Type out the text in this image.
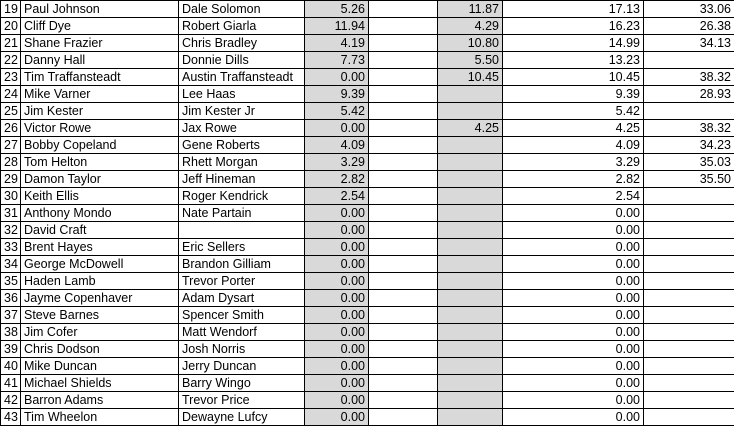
19	Paul Johnson	Dale Solomon	5.26		11.87	17.13	33.06
20	Cliff Dye	Robert Giarla	11.94		4.29	16.23	26.38
21	Shane Frazier	Chris Bradley	4.19		10.80	14.99	34.13
22	Danny Hall	Donnie Dills	7.73		5.50	13.23	
23	Tim Traffansteadt	Austin Traffansteadt	0.00		10.45	10.45	38.32
24	Mike Varner	Lee Haas	9.39			9.39	28.93
25	Jim Kester	Jim Kester Jr	5.42			5.42	
26	Victor Rowe	Jax Rowe	0.00		4.25	4.25	38.32
27	Bobby Copeland	Gene Roberts	4.09			4.09	34.23
28	Tom Helton	Rhett Morgan	3.29			3.29	35.03
29	Damon Taylor	Jeff Hineman	2.82			2.82	35.50
30	Keith Ellis	Roger Kendrick	2.54			2.54	
31	Anthony Mondo	Nate Partain	0.00			0.00	
32	David Craft		0.00			0.00	
33	Brent Hayes	Eric Sellers	0.00			0.00	
34	George McDowell	Brandon Gilliam	0.00			0.00	
35	Haden Lamb	Trevor Porter	0.00			0.00	
36	Jayme Copenhaver	Adam Dysart	0.00			0.00	
37	Steve Barnes	Spencer Smith	0.00			0.00	
38	Jim Cofer	Matt Wendorf	0.00			0.00	
39	Chris Dodson	Josh Norris	0.00			0.00	
40	Mike Duncan	Jerry Duncan	0.00			0.00	
41	Michael Shields	Barry Wingo	0.00			0.00	
42	Barron Adams	Trevor Price	0.00			0.00	
43	Tim Wheelon	Dewayne Lufcy	0.00			0.00	
